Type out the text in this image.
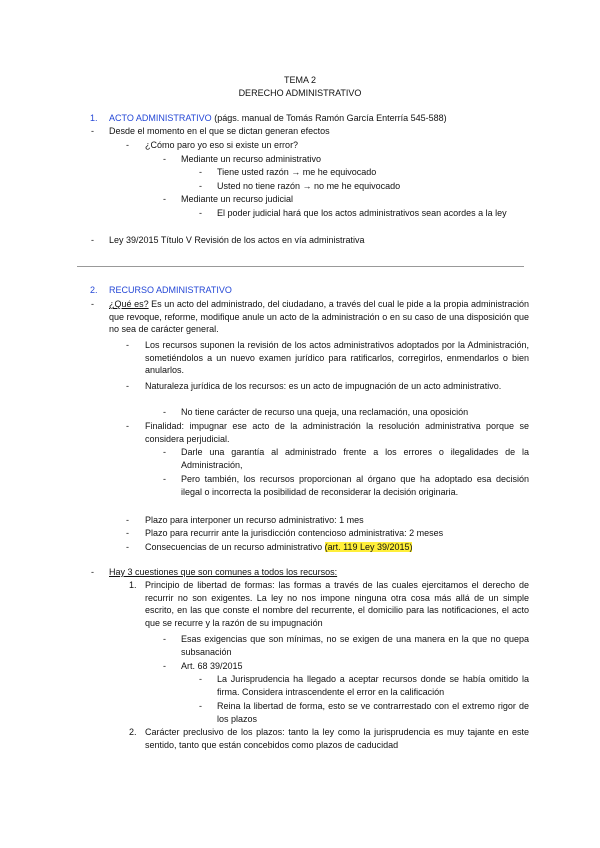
TEMA 2
DERECHO ADMINISTRATIVO
1. ACTO ADMINISTRATIVO (págs. manual de Tomás Ramón García Enterría 545-588)
- Desde el momento en el que se dictan generan efectos
- ¿Cómo paro yo eso si existe un error?
- Mediante un recurso administrativo
- Tiene usted razón → me he equivocado
- Usted no tiene razón → no me he equivocado
- Mediante un recurso judicial
- El poder judicial hará que los actos administrativos sean acordes a la ley
- Ley 39/2015 Título V Revisión de los actos en vía administrativa
2. RECURSO ADMINISTRATIVO
- ¿Qué es? Es un acto del administrado, del ciudadano, a través del cual le pide a la propia administración que revoque, reforme, modifique anule un acto de la administración o en su caso de una disposición que no sea de carácter general.
- Los recursos suponen la revisión de los actos administrativos adoptados por la Administración, sometiéndolos a un nuevo examen jurídico para ratificarlos, corregirlos, enmendarlos o bien anularlos.
- Naturaleza jurídica de los recursos: es un acto de impugnación de un acto administrativo.
- No tiene carácter de recurso una queja, una reclamación, una oposición
- Finalidad: impugnar ese acto de la administración la resolución administrativa porque se considera perjudicial.
- Darle una garantía al administrado frente a los errores o ilegalidades de la Administración,
- Pero también, los recursos proporcionan al órgano que ha adoptado esa decisión ilegal o incorrecta la posibilidad de reconsiderar la decisión originaria.
- Plazo para interponer un recurso administrativo: 1 mes
- Plazo para recurrir ante la jurisdicción contencioso administrativa: 2 meses
- Consecuencias de un recurso administrativo (art. 119 Ley 39/2015)
- Hay 3 cuestiones que son comunes a todos los recursos:
1. Principio de libertad de formas: las formas a través de las cuales ejercitamos el derecho de recurrir no son exigentes. La ley no nos impone ninguna otra cosa más allá de un simple escrito, en las que conste el nombre del recurrente, el domicilio para las notificaciones, el acto que se recurre y la razón de su impugnación
- Esas exigencias que son mínimas, no se exigen de una manera en la que no quepa subsanación
- Art. 68 39/2015
- La Jurisprudencia ha llegado a aceptar recursos donde se había omitido la firma. Considera intrascendente el error en la calificación
- Reina la libertad de forma, esto se ve contrarrestado con el extremo rigor de los plazos
2. Carácter preclusivo de los plazos: tanto la ley como la jurisprudencia es muy tajante en este sentido, tanto que están concebidos como plazos de caducidad
